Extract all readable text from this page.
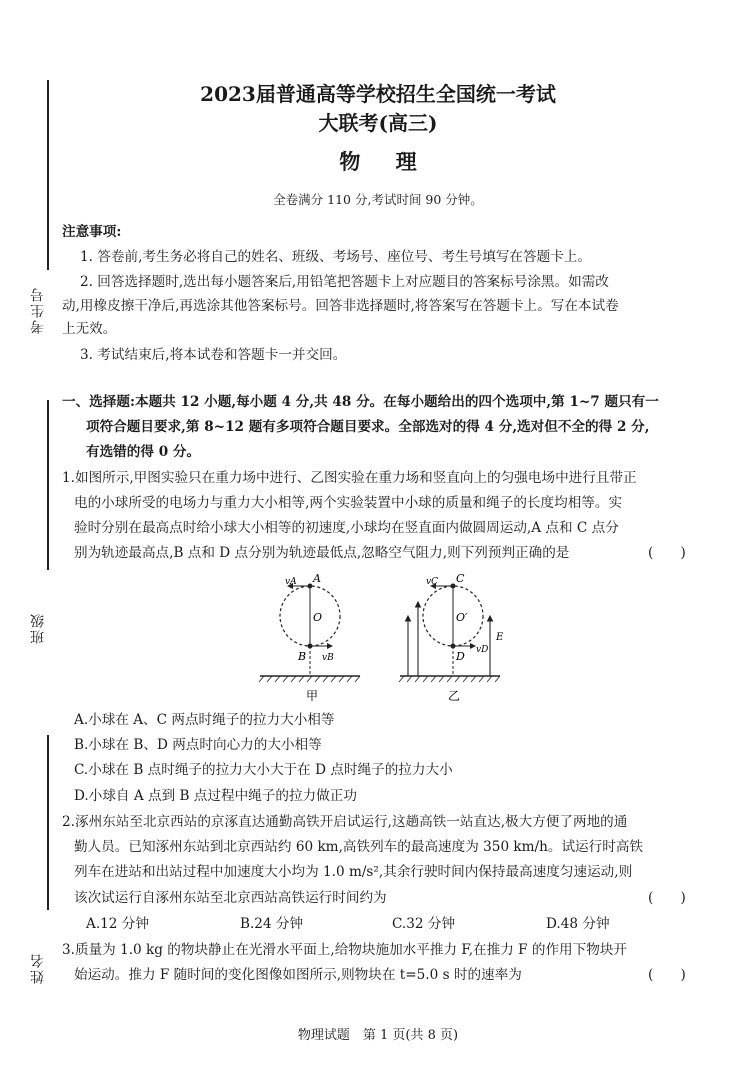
考生号
班级
姓名
2023届普通高等学校招生全国统一考试
大联考(高三)
物 理
全卷满分 110 分,考试时间 90 分钟。
注意事项:
1. 答卷前,考生务必将自己的姓名、班级、考场号、座位号、考生号填写在答题卡上。
2. 回答选择题时,选出每小题答案后,用铅笔把答题卡上对应题目的答案标号涂黑。如需改
动,用橡皮擦干净后,再选涂其他答案标号。回答非选择题时,将答案写在答题卡上。写在本试卷
上无效。
3. 考试结束后,将本试卷和答题卡一并交回。
一、选择题:本题共 12 小题,每小题 4 分,共 48 分。在每小题给出的四个选项中,第 1~7 题只有一
项符合题目要求,第 8~12 题有多项符合题目要求。全部选对的得 4 分,选对但不全的得 2 分,
有选错的得 0 分。
1.如图所示,甲图实验只在重力场中进行、乙图实验在重力场和竖直向上的匀强电场中进行且带正
电的小球所受的电场力与重力大小相等,两个实验装置中小球的质量和绳子的长度均相等。实
验时分别在最高点时给小球大小相等的初速度,小球均在竖直面内做圆周运动,A 点和 C 点分
别为轨迹最高点,B 点和 D 点分别为轨迹最低点,忽略空气阻力,则下列预判正确的是	(　　)
vA A
O
B vB
甲
vC C
O′
D vD
E
乙
A.小球在 A、C 两点时绳子的拉力大小相等
B.小球在 B、D 两点时向心力的大小相等
C.小球在 B 点时绳子的拉力大小大于在 D 点时绳子的拉力大小
D.小球自 A 点到 B 点过程中绳子的拉力做正功
2.涿州东站至北京西站的京涿直达通勤高铁开启试运行,这趟高铁一站直达,极大方便了两地的通
勤人员。已知涿州东站到北京西站约 60 km,高铁列车的最高速度为 350 km/h。试运行时高铁
列车在进站和出站过程中加速度大小均为 1.0 m/s²,其余行驶时间内保持最高速度匀速运动,则
该次试运行自涿州东站至北京西站高铁运行时间约为	(　　)
A.12 分钟	B.24 分钟	C.32 分钟	D.48 分钟
3.质量为 1.0 kg 的物块静止在光滑水平面上,给物块施加水平推力 F,在推力 F 的作用下物块开
始运动。推力 F 随时间的变化图像如图所示,则物块在 t=5.0 s 时的速率为	(　　)
物理试题　第 1 页(共 8 页)
